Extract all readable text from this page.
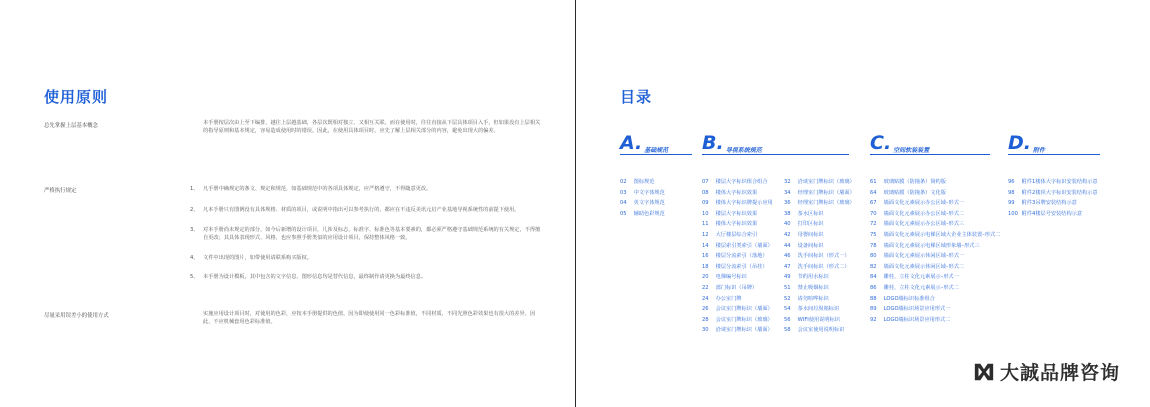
使用原则
总先掌握上层基本概念	本手册按层次由上至下编排，越往上层越基础，各层次既相对独立、又相互关联。而在使用时，往往直接从下层具体项目入手，但如果没有上层相关的指导原则和基本规定，容易造成使用时的错误。因此，在使用具体项目时，应先了解上层相关部分的内容，避免出现大的偏差。
严格执行规定	1、 凡手册中确规定的条文、规定和规范，如基础规范中的各项具体规定，应严格遵守，不得随意更改。
2、 凡本手册只有图例没有具体规格、材质的项目，或说明中指出可以参考执行的，都应在不违反美讯元启产业基地导视系统性的前提下使用。
3、 对本手册尚未规定的部分，如今后新增的设计项目，几涉及标志、标准字、标准色等基本要素的，都必须严格遵守基础规范系统的有关规定，不得擅自更改；其具体表现形式、风格，也应参照手册类似的应用设计项目，保持整体风格一致。
4、 文件中出现的图片，如带使用请联系购买版权。
5、 本手册为设计模板，其中包含的文字信息、图形信息均是替代信息，最终制作请更换为最终信息。
尽量采用误差小的使用方式	实施应用设计项目时，对使用的色彩，应按本手册提供的色值，因为即使使用同一色彩标准值，不同材质，不同光照色彩效果也有很大的差异。因此，不应机械套用色彩标准值。
目录
A. 基础规范
02 图标规范
03 中文字体规范
04 英文字体规范
05 辅助色彩规范
B. 导视系统规范
07 楼层大字标识组合组合
08 楼体大字标识效果
09 楼体大字标识牌提示应用
10 楼层大字标识效果
11 楼体大字标识效果
12 大厅楼层综合索引
14 楼层索引类索引（墙面）
16 楼层分流索引（落地）
18 楼层分流索引（吊挂）
20 电梯编号标识
22 部门标识（吊牌）
24 办公室门牌
26 会议室门牌标识（墙面）
28 会议室门牌标识（玻璃）
30 洽谈室门牌标识（墙面）
32 洽谈室门牌标识（玻璃）
34 经理室门牌标识（墙面）
36 经理室门牌标识（玻璃）
38 茶水区标识
40 打印区标识
42 母婴间标识
44 设备间标识
46 洗手间标识（形式一）
47 洗手间标识（形式二）
49 节约用水标识
51 禁止吸烟标识
52 请勿喧哗标识
54 茶水间垃圾箱标识
56 WIFI使用说明标识
58 会议室使用说明标识
C. 空间软装装置
61 玻璃贴膜（防撞条）简约版
64 玻璃贴膜（防撞条）文化版
67 墙面文化元素展示办公区域–形式一
70 墙面文化元素展示办公区域–形式二
72 墙面文化元素展示办公区域–形式三
75 墙面文化元素展示电梯区域大企业主体装置–形式二
78 墙面文化元素展示电梯区域形象墙–形式三
80 墙面文化元素展示休闲区域–形式一
82 墙面文化元素展示休闲区域–形式二
84 雕桂、立柱文化元素展示–形式一
86 雕桂、立柱文化元素展示–形式二
88 LOGO墙标识标准组合
89 LOGO墙标识场景应用形式一
92 LOGO墙标识场景应用形式二
D. 附件
96 附件1楼体大字标识安装结构示意
98 附件2楼顶大字标识安装结构示意
99 附件3吊牌安装结构示意
100 附件4楼层号安装结构示意
大誠品牌咨询
